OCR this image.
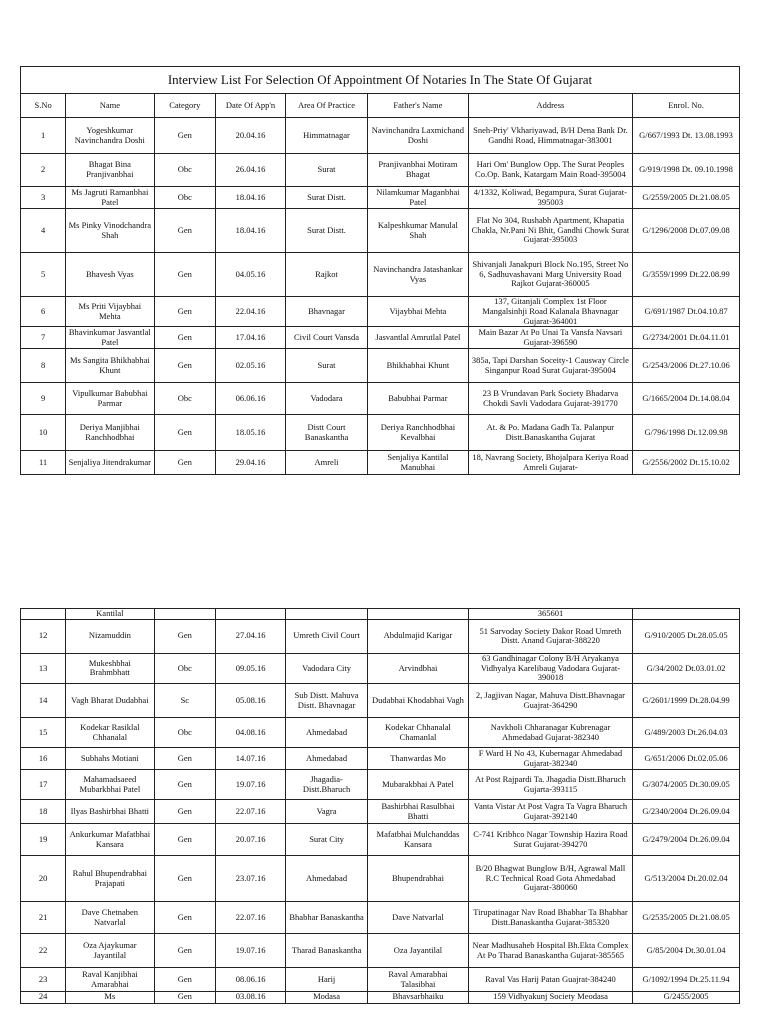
Interview List For Selection Of Appointment Of Notaries In The State Of Gujarat							
S.No	Name	Category	Date Of App'n	Area Of Practice	Father's Name	Address	Enrol. No.
1	Yogeshkumar Navinchandra Doshi	Gen	20.04.16	Himmatnagar	Navinchandra Laxmichand Doshi	Sneh-Priy' Vkhariyawad, B/H Dena Bank Dr. Gandhi Road, Himmatnagar-383001	G/667/1993 Dt. 13.08.1993
2	Bhagat Bina Pranjivanbhai	Obc	26.04.16	Surat	Pranjivanbhai Motiram Bhagat	Hari Om' Bunglow Opp. The Surat Peoples Co.Op. Bank, Katargam Main Road-395004	G/919/1998 Dt. 09.10.1998
3	Ms Jagruti Ramanbhai Patel	Obc	18.04.16	Surat Distt.	Nilamkumar Maganbhai Patel	4/1332, Koliwad, Begampura, Surat Gujarat-395003	G/2559/2005 Dt.21.08.05
4	Ms Pinky Vinodchandra Shah	Gen	18.04.16	Surat Distt.	Kalpeshkumar Manulal Shah	Flat No 304, Rushabh Apartment, Khapatia Chakla, Nr.Pani Ni Bhit, Gandhi Chowk Surat Gujarat-395003	G/1296/2008 Dt.07.09.08
5	Bhavesh Vyas	Gen	04.05.16	Rajkot	Navinchandra Jatashankar Vyas	Shivanjali Janakpuri Block No.195, Street No 6, Sadhuvashavani Marg University Road Rajkot Gujarat-360005	G/3559/1999 Dt.22.08.99
6	Ms Priti Vijaybhai Mehta	Gen	22.04.16	Bhavnagar	Vijaybhai Mehta	137, Gitanjali Complex 1st Floor Mangalsinhji Road Kalanala Bhavnagar Gujarat-364001	G/691/1987 Dt.04.10.87
7	Bhavinkumar Jasvantlal Patel	Gen	17.04.16	Civil Court Vansda	Jasvantlal Amrutlal Patel	Main Bazar At Po Unai Ta Vansfa Navsari Gujarat-396590	G/2734/2001 Dt.04.11.01
8	Ms Sangita Bhikhabhai Khunt	Gen	02.05.16	Surat	Bhikhabhai Khunt	385a, Tapi Darshan Soceity-1 Causway Circle Singanpur Road Surat Gujarat-395004	G/2543/2006 Dt.27.10.06
9	Vipulkumar Babubhai Parmar	Obc	06.06.16	Vadodara	Babubhai Parmar	23 B Vrundavan Park Society Bhadarva Chokdi Savli Vadodara Gujarat-391770	G/1665/2004 Dt.14.08.04
10	Deriya Manjibhai Ranchhodbhai	Gen	18.05.16	Distt Court Banaskantha	Deriya Ranchhodbhai Kevalbhai	At. & Po. Madana Gadh Ta. Palanpur Distt.Banaskantha Gujarat	G/796/1998 Dt.12.09.98
11	Senjaliya Jitendrakumar	Gen	29.04.16	Amreli	Senjaliya Kantilal Manubhai	18, Navrang Society, Bhojalpara Keriya Road Amreli Gujarat-	G/2556/2002 Dt.15.10.02
	Kantilal					365601	
12	Nizamuddin	Gen	27.04.16	Umreth Civil Court	Abdulmajid Karigar	51 Sarvoday Society Dakor Road Umreth Distt. Anand Gujarat-388220	G/910/2005 Dt.28.05.05
13	Mukeshbhai Brahmbhatt	Obc	09.05.16	Vadodara City	Arvindbhai	63 Gandhinagar Colony B/H Aryakanya Vidhyalya Karelibaug Vadodara Gujarat-390018	G/34/2002 Dt.03.01.02
14	Vagh Bharat Dudabhai	Sc	05.08.16	Sub Distt. Mahuva Distt. Bhavnagar	Dudabhai Khodabhai Vagh	2, Jagjivan Nagar, Mahuva Distt.Bhavnagar Guajrat-364290	G/2601/1999 Dt.28.04.99
15	Kodekar Rasiklal Chhanalal	Obc	04.08.16	Ahmedabad	Kodekar Chhanalal Chamanlal	Navkholi Chharanagar Kubrenagar Ahmedabad Gujarat-382340	G/489/2003 Dt.26.04.03
16	Subhahs Motiani	Gen	14.07.16	Ahmedabad	Thanwardas Mo	F Ward H No 43, Kubernagar Ahmedabad Gujarat-382340	G/651/2006 Dt.02.05.06
17	Mahamadsaeed Mubarkbhai Patel	Gen	19.07.16	Jhagadia-Distt.Bharuch	Mubarakbhai A Patel	At Post Rajpardi Ta. Jhagadia Distt.Bharuch Gujarta-393115	G/3074/2005 Dt.30.09.05
18	Ilyas Bashirbhai Bhatti	Gen	22.07.16	Vagra	Bashirbhai Rasulbhai Bhatti	Vanta Vistar At Post Vagra Ta Vagra Bharuch Gujarat-392140	G/2340/2004 Dt.26.09.04
19	Ankurkumar Mafatbhai Kansara	Gen	20.07.16	Surat City	Mafatbhai Mulchanddas Kansara	C-741 Kribhco Nagar Township Hazira Road Surat Gujarat-394270	G/2479/2004 Dt.26.09.04
20	Rahul Bhupendrabhai Prajapati	Gen	23.07.16	Ahmedabad	Bhupendrabhai	B/20 Bhagwat Bunglow B/H, Agrawal Mall R.C Technical Road Gota Ahmedabad Gujarat-380060	G/513/2004 Dt.20.02.04
21	Dave Chetnaben Natvarlal	Gen	22.07.16	Bhabhar Banaskantha	Dave Natvarlal	Tirupatinagar Nav Road Bhabhar Ta Bhabhar Distt.Banaskantha Gujarat-385320	G/2535/2005 Dt.21.08.05
22	Oza Ajaykumar Jayantilal	Gen	19.07.16	Tharad Banaskantha	Oza Jayantilal	Near Madhusaheb Hospital Bh.Ekta Complex At Po Tharad Banaskantha Gujarat-385565	G/85/2004 Dt.30.01.04
23	Raval Kanjibhai Amarabhai	Gen	08.06.16	Harij	Raval Amarabhai Talasibhai	Raval Vas Harij Patan Guajrat-384240	G/1092/1994 Dt.25.11.94
24	Ms	Gen	03.08.16	Modasa	Bhavsarbhaiku	159 Vidhyakunj Society Meodasa	G/2455/2005
